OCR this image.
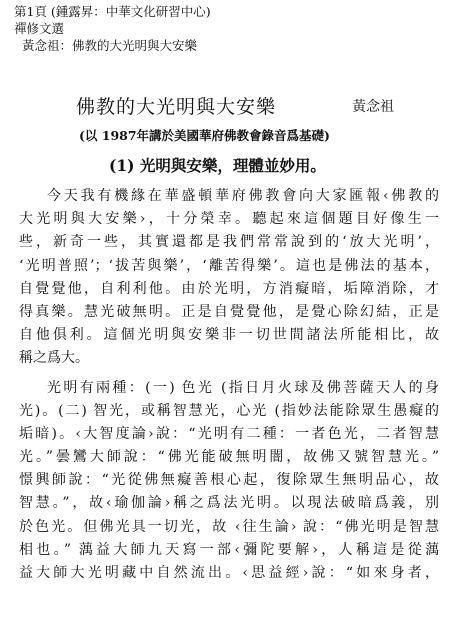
第1頁 (鍾露昇：中華文化研習中心)
禪修文選
黃念祖：佛教的大光明與大安樂
佛教的大光明與大安樂	黃念祖
(以 1987年講於美國華府佛教會錄音爲基礎)
(1) 光明與安樂，理體並妙用。
今天我有機緣在華盛頓華府佛教會向大家匯報‹佛教的
大光明與大安樂›，十分榮幸。聽起來這個題目好像生一
些，新奇一些，其實還都是我們常常說到的‘放大光明’，
‘光明普照’；‘拔苦與樂’，‘離苦得樂’。這也是佛法的基本，
自覺覺他，自利利他。由於光明，方消癡暗，垢障消除，才
得真樂。慧光破無明。正是自覺覺他，是覺心除幻結，正是
自他俱利。這個光明與安樂非一切世間諸法所能相比，故
稱之爲大。
光明有兩種：(一) 色光 (指日月火球及佛菩薩天人的身
光)。(二) 智光，或稱智慧光，心光 (指妙法能除眾生愚癡的
垢暗)。‹大智度論›說：“光明有二種：一者色光，二者智慧
光。”曇鸞大師說：“佛光能破無明闇，故佛又號智慧光。”
憬興師說：“光從佛無癡善根心起，復除眾生無明品心，故
智慧。”，故‹瑜伽論›稱之爲法光明。以現法破暗爲義，別
於色光。但佛光具一切光，故 ‹往生論› 說：“佛光明是智慧
相也。” 蕅益大師九天寫一部‹彌陀要解›，人稱這是從蕅
益大師大光明藏中自然流出。‹思益經›說：“如來身者，
